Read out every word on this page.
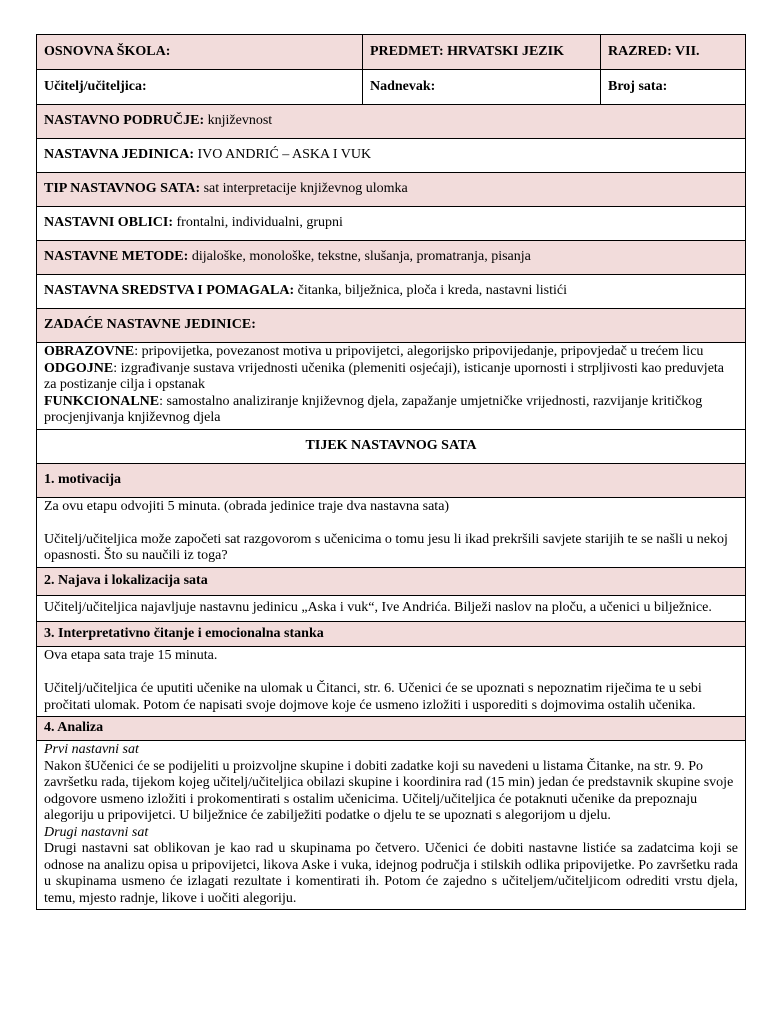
OSNOVNA ŠKOLA:	PREDMET: HRVATSKI JEZIK	RAZRED: VII.
Učitelj/učiteljica:	Nadnevak:	Broj sata:
NASTAVNO PODRUČJE: književnost		
NASTAVNA JEDINICA: IVO ANDRIĆ – ASKA I VUK		
TIP NASTAVNOG SATA: sat interpretacije književnog ulomka		
NASTAVNI OBLICI: frontalni, individualni, grupni		
NASTAVNE METODE: dijaloške, monološke, tekstne, slušanja, promatranja, pisanja		
NASTAVNA SREDSTVA I POMAGALA: čitanka, bilježnica, ploča i kreda, nastavni listići		
ZADAĆE NASTAVNE JEDINICE:		

OBRAZOVNE: pripovijetka, povezanost motiva u pripovijetci, alegorijsko pripovijedanje, pripovjedač u trećem licu
ODGOJNE: izgrađivanje sustava vrijednosti učenika (plemeniti osjećaji), isticanje upornosti i strpljivosti kao preduvjeta za postizanje cilja i opstanak
FUNKCIONALNE: samostalno analiziranje književnog djela, zapažanje umjetničke vrijednosti, razvijanje kritičkog procjenjivanja književnog djela		

TIJEK NASTAVNOG SATA		
1. motivacija		

Za ovu etapu odvojiti 5 minuta. (obrada jedinice traje dva nastavna sata)
Učitelj/učiteljica može započeti sat razgovorom s učenicima o tomu jesu li ikad prekršili savjete starijih te se našli u nekoj opasnosti. Što su naučili iz toga?		

2. Najava i lokalizacija sata		

Učitelj/učiteljica najavljuje nastavnu jedinicu „Aska i vuk“, Ive Andrića. Bilježi naslov na ploču, a učenici u bilježnice.		

3. Interpretativno čitanje i emocionalna stanka		

Ova etapa sata traje 15 minuta.
Učitelj/učiteljica će uputiti učenike na ulomak u Čitanci, str. 6. Učenici će se upoznati s nepoznatim riječima te u sebi pročitati ulomak. Potom će napisati svoje dojmove koje će usmeno izložiti i usporediti s dojmovima ostalih učenika.		

4. Analiza		

Prvi nastavni sat
Nakon šUčenici će se podijeliti u proizvoljne skupine i dobiti zadatke koji su navedeni u listama Čitanke, na str. 9. Po završetku rada, tijekom kojeg učitelj/učiteljica obilazi skupine i koordinira rad (15 min) jedan će predstavnik skupine svoje odgovore usmeno izložiti i prokomentirati s ostalim učenicima. Učitelj/učiteljica će potaknuti učenike da prepoznaju alegoriju u pripovijetci. U bilježnice će zabilježiti podatke o djelu te se upoznati s alegorijom u djelu.
Drugi nastavni sat
Drugi nastavni sat oblikovan je kao rad u skupinama po četvero. Učenici će dobiti nastavne listiće sa zadatcima koji se odnose na analizu opisa u pripovijetci, likova Aske i vuka, idejnog područja i stilskih odlika pripovijetke. Po završetku rada u skupinama usmeno će izlagati rezultate i komentirati ih. Potom će zajedno s učiteljem/učiteljicom odrediti vrstu djela, temu, mjesto radnje, likove i uočiti alegoriju.		
